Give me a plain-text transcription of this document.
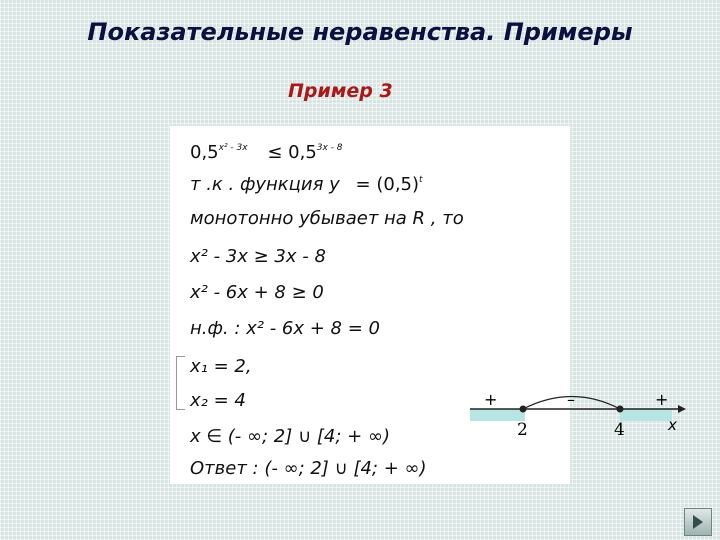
Показательные неравенства. Примеры
Пример 3
$0,5^{x^2 - 3x} \le 0,5^{3x - 8}$
т .к . функция $y = (0,5)^t$
монотонно убывает на R , то
x² - 3x ≥ 3x - 8
x² - 6x + 8 ≥ 0
н.ф. : x² - 6x + 8 = 0
x₁ = 2,
x₂ = 4
x ∈ (- ∞; 2] ∪ [4; + ∞)
Ответ : (- ∞; 2] ∪ [4; + ∞)
+	–	+
2	4	x
